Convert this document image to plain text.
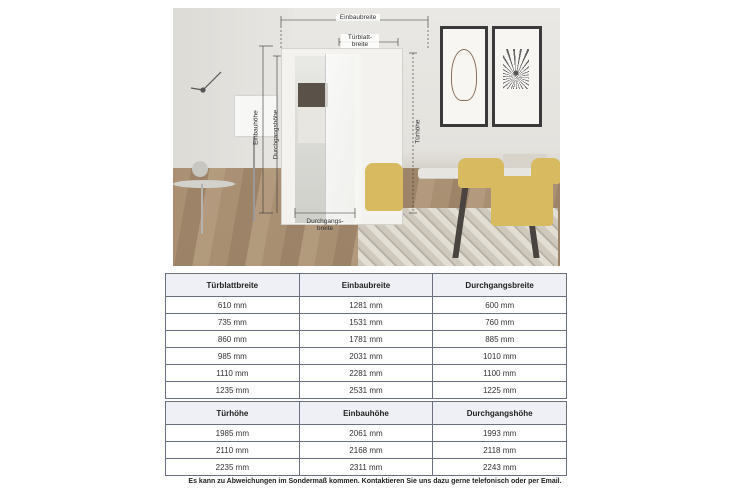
Einbaubreite
Türblatt-
breite
Einbauhöhe Durchgangshöhe	Türhöhe
Durchgangs-
breite
Türblattbreite	Einbaubreite	Durchgangsbreite
610 mm	1281 mm	600 mm
735 mm	1531 mm	760 mm
860 mm	1781 mm	885 mm
985 mm	2031 mm	1010 mm
1110 mm	2281 mm	1100 mm
1235 mm	2531 mm	1225 mm
Türhöhe	Einbauhöhe	Durchgangshöhe
1985 mm	2061 mm	1993 mm
2110 mm	2168 mm	2118 mm
2235 mm	2311 mm	2243 mm
Es kann zu Abweichungen im Sondermaß kommen. Kontaktieren Sie uns dazu gerne telefonisch oder per Email.
